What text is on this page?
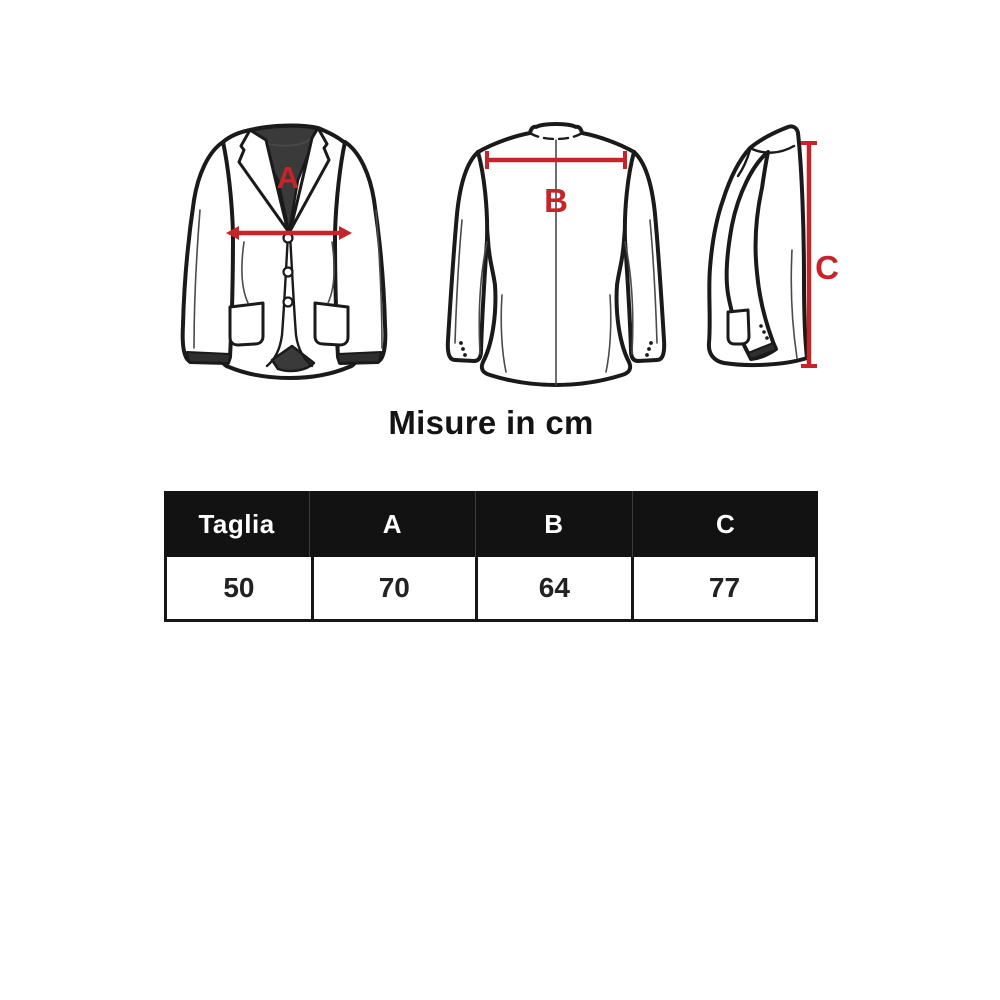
A
B
C
Misure in cm
Taglia	A	B	C
50	70	64	77
